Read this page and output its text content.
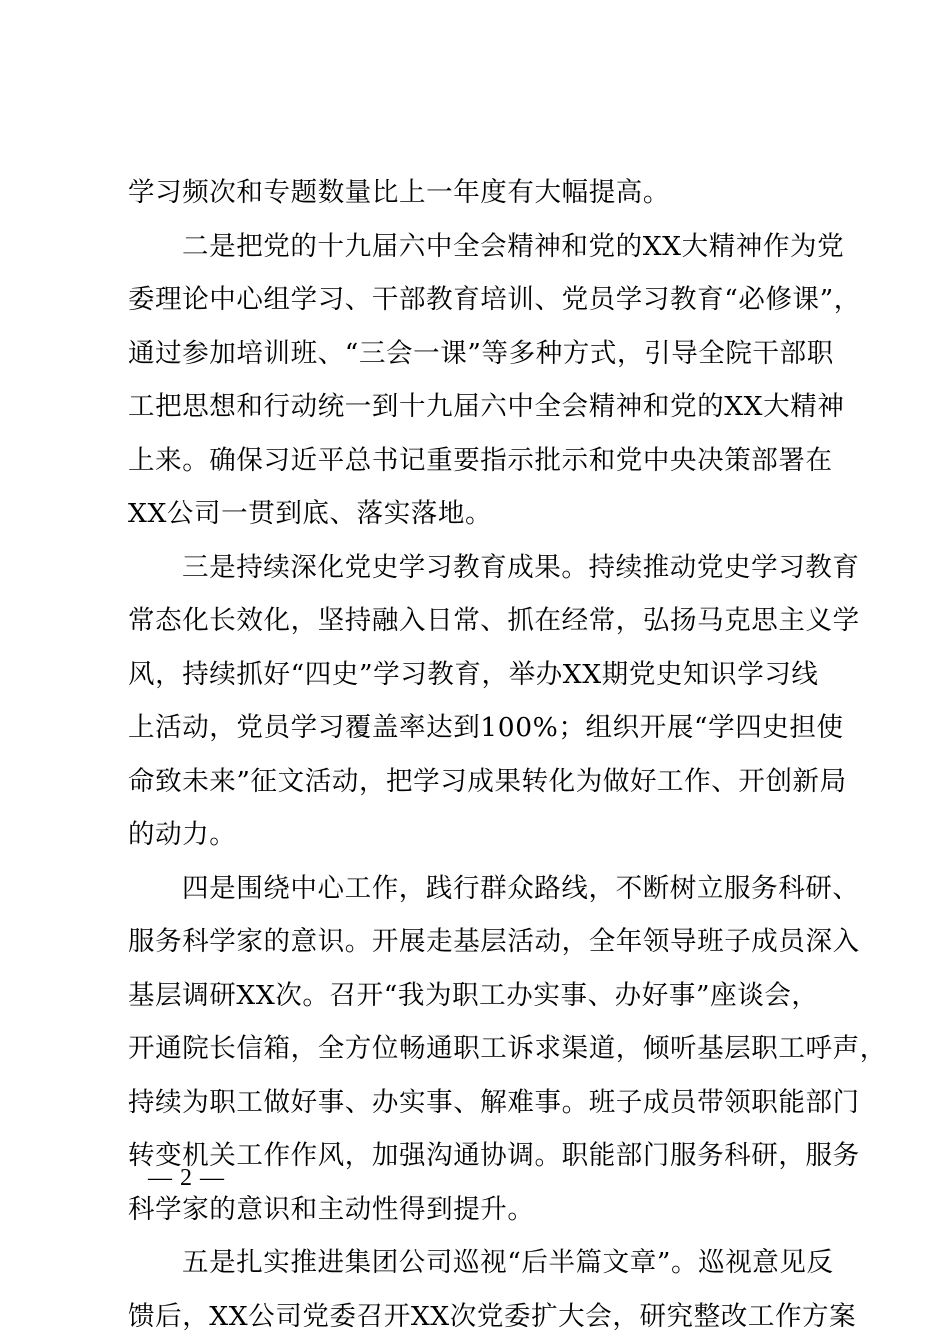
学习频次和专题数量比上一年度有大幅提高。
二是把党的十九届六中全会精神和党的XX大精神作为党
委理论中心组学习、干部教育培训、党员学习教育“必修课”，
通过参加培训班、“三会一课”等多种方式，引导全院干部职
工把思想和行动统一到十九届六中全会精神和党的XX大精神
上来。确保习近平总书记重要指示批示和党中央决策部署在
XX公司一贯到底、落实落地。
三是持续深化党史学习教育成果。持续推动党史学习教育
常态化长效化，坚持融入日常、抓在经常，弘扬马克思主义学
风，持续抓好“四史”学习教育，举办XX期党史知识学习线
上活动，党员学习覆盖率达到100%；组织开展“学四史担使
命致未来”征文活动，把学习成果转化为做好工作、开创新局
的动力。
四是围绕中心工作，践行群众路线，不断树立服务科研、
服务科学家的意识。开展走基层活动，全年领导班子成员深入
基层调研XX次。召开“我为职工办实事、办好事”座谈会，
开通院长信箱，全方位畅通职工诉求渠道，倾听基层职工呼声，
持续为职工做好事、办实事、解难事。班子成员带领职能部门
转变机关工作作风，加强沟通协调。职能部门服务科研，服务
科学家的意识和主动性得到提升。
五是扎实推进集团公司巡视“后半篇文章”。巡视意见反
馈后，XX公司党委召开XX次党委扩大会，研究整改工作方案
— 2 —
